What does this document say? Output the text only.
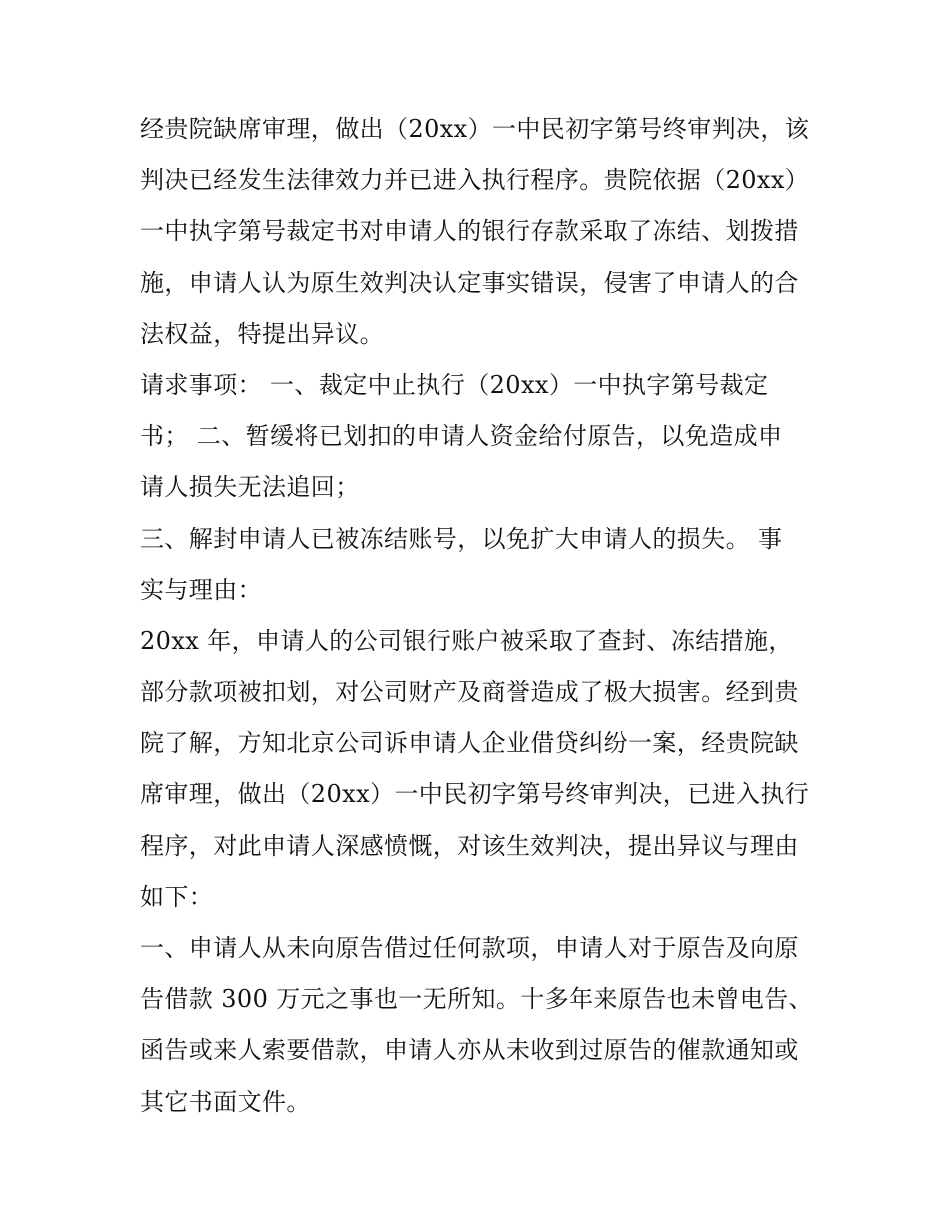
经贵院缺席审理，做出（20xx）一中民初字第号终审判决，该
判决已经发生法律效力并已进入执行程序。贵院依据（20xx）
一中执字第号裁定书对申请人的银行存款采取了冻结、划拨措
施，申请人认为原生效判决认定事实错误，侵害了申请人的合
法权益，特提出异议。
请求事项： 一、裁定中止执行（20xx）一中执字第号裁定
书； 二、暂缓将已划扣的申请人资金给付原告，以免造成申
请人损失无法追回；
三、解封申请人已被冻结账号，以免扩大申请人的损失。 事
实与理由：
20xx 年，申请人的公司银行账户被采取了查封、冻结措施，
部分款项被扣划，对公司财产及商誉造成了极大损害。经到贵
院了解，方知北京公司诉申请人企业借贷纠纷一案，经贵院缺
席审理，做出（20xx）一中民初字第号终审判决，已进入执行
程序，对此申请人深感愤慨，对该生效判决，提出异议与理由
如下：
一、申请人从未向原告借过任何款项，申请人对于原告及向原
告借款 300 万元之事也一无所知。十多年来原告也未曾电告、
函告或来人索要借款，申请人亦从未收到过原告的催款通知或
其它书面文件。
